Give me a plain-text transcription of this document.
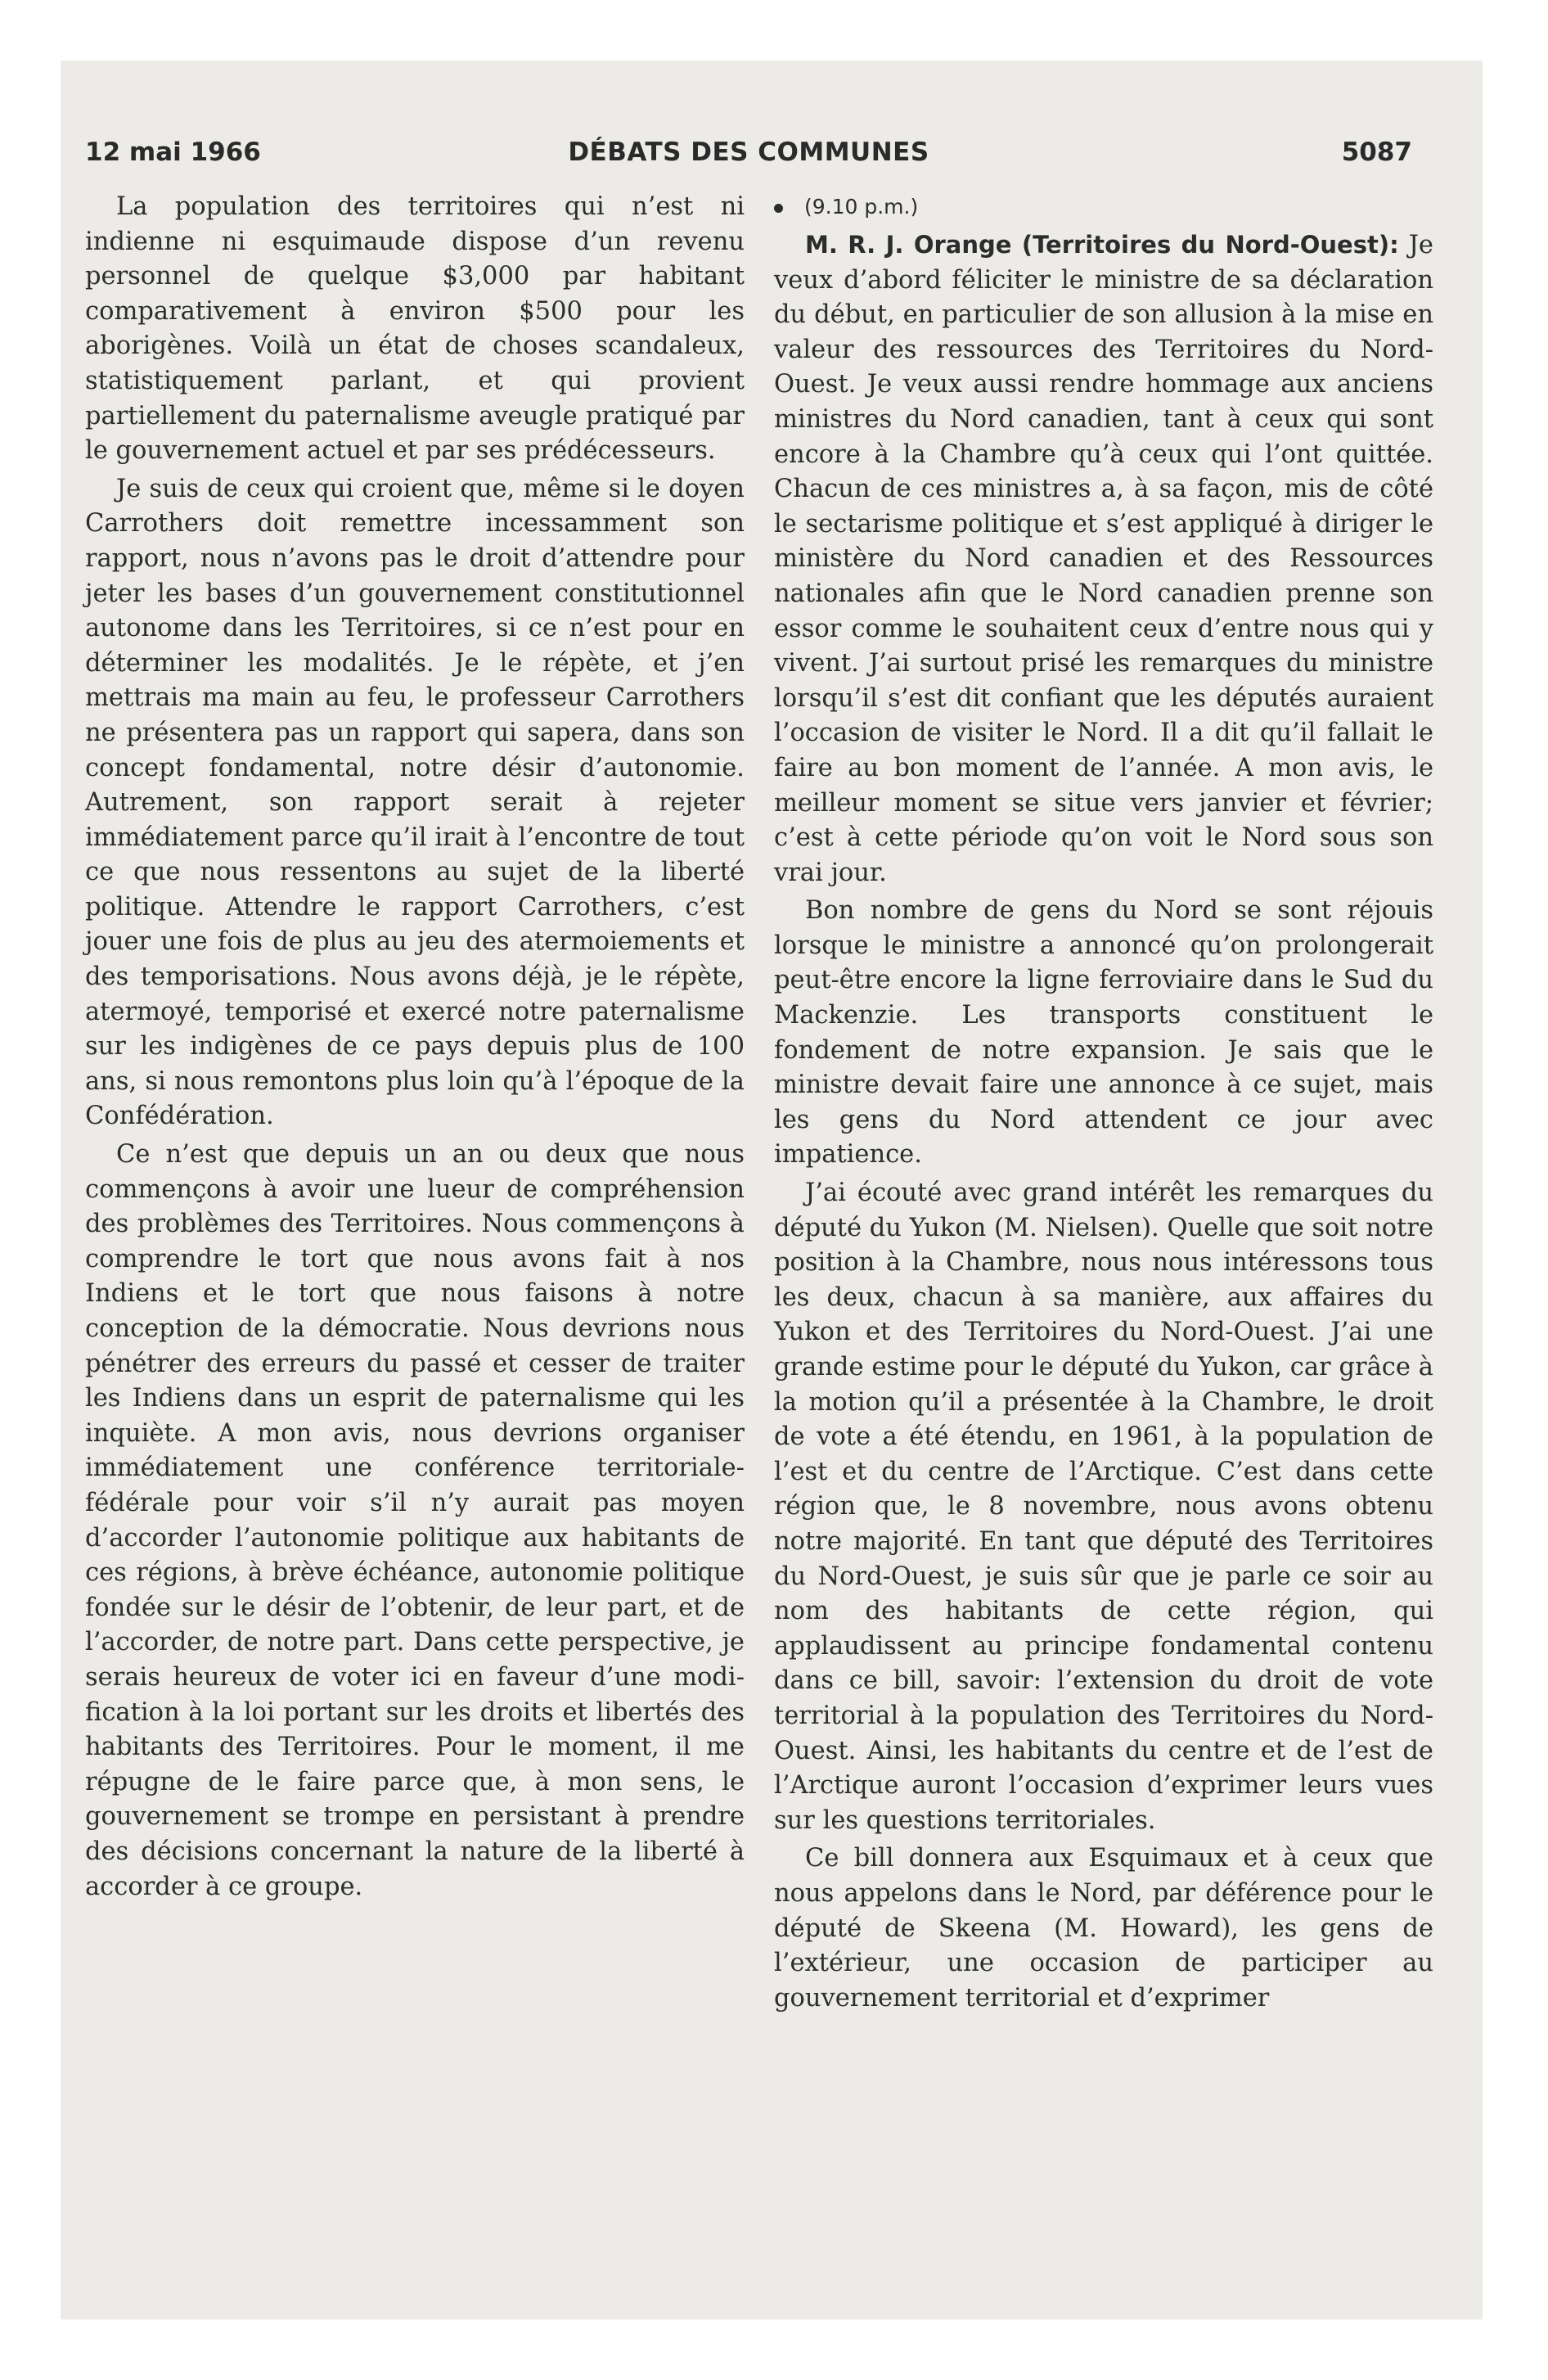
12 mai 1966	DÉBATS DES COMMUNES	5087

La population des territoires qui n’est ni indienne ni esquimaude dispose d’un revenu personnel de quelque $3,000 par habitant comparativement à environ $500 pour les aborigènes. Voilà un état de choses scandaleux, statistiquement parlant, et qui provient partiellement du paternalisme aveugle pratiqué par le gouvernement actuel et par ses prédécesseurs.

Je suis de ceux qui croient que, même si le doyen Carrothers doit remettre incessamment son rapport, nous n’avons pas le droit d’attendre pour jeter les bases d’un gouvernement constitutionnel autonome dans les Territoires, si ce n’est pour en déterminer les modalités. Je le répète, et j’en mettrais ma main au feu, le professeur Carrothers ne présentera pas un rapport qui sapera, dans son concept fondamental, notre désir d’autonomie. Autrement, son rapport serait à rejeter immédiatement parce qu’il irait à l’encontre de tout ce que nous ressentons au sujet de la liberté politique. Attendre le rapport Carrothers, c’est jouer une fois de plus au jeu des atermoiements et des temporisations. Nous avons déjà, je le répète, atermoyé, temporisé et exercé notre paternalisme sur les indigènes de ce pays depuis plus de 100 ans, si nous remontons plus loin qu’à l’époque de la Confédération.

Ce n’est que depuis un an ou deux que nous commençons à avoir une lueur de compréhension des problèmes des Territoires. Nous commençons à comprendre le tort que nous avons fait à nos Indiens et le tort que nous faisons à notre conception de la démocratie. Nous devrions nous pénétrer des erreurs du passé et cesser de traiter les Indiens dans un esprit de paternalisme qui les inquiète. A mon avis, nous devrions organiser immédiatement une conférence territoriale-fédérale pour voir s’il n’y aurait pas moyen d’accorder l’autonomie politique aux habitants de ces régions, à brève échéance, autonomie politique fondée sur le désir de l’obtenir, de leur part, et de l’accorder, de notre part. Dans cette perspective, je serais heureux de voter ici en faveur d’une modification à la loi portant sur les droits et libertés des habitants des Territoires. Pour le moment, il me répugne de le faire parce que, à mon sens, le gouvernement se trompe en persistant à prendre des décisions concernant la nature de la liberté à accorder à ce groupe.

(9.10 p.m.)

M. R. J. Orange (Territoires du Nord-Ouest): Je veux d’abord féliciter le ministre de sa déclaration du début, en particulier de son allusion à la mise en valeur des ressources des Territoires du Nord-Ouest. Je veux aussi rendre hommage aux anciens ministres du Nord canadien, tant à ceux qui sont encore à la Chambre qu’à ceux qui l’ont quittée. Chacun de ces ministres a, à sa façon, mis de côté le sectarisme politique et s’est appliqué à diriger le ministère du Nord canadien et des Ressources nationales afin que le Nord canadien prenne son essor comme le souhaitent ceux d’entre nous qui y vivent. J’ai surtout prisé les remarques du ministre lorsqu’il s’est dit confiant que les députés auraient l’occasion de visiter le Nord. Il a dit qu’il fallait le faire au bon moment de l’année. A mon avis, le meilleur moment se situe vers janvier et février; c’est à cette période qu’on voit le Nord sous son vrai jour.

Bon nombre de gens du Nord se sont réjouis lorsque le ministre a annoncé qu’on prolongerait peut-être encore la ligne ferroviaire dans le Sud du Mackenzie. Les transports constituent le fondement de notre expansion. Je sais que le ministre devait faire une annonce à ce sujet, mais les gens du Nord attendent ce jour avec impatience.

J’ai écouté avec grand intérêt les remarques du député du Yukon (M. Nielsen). Quelle que soit notre position à la Chambre, nous nous intéressons tous les deux, chacun à sa manière, aux affaires du Yukon et des Territoires du Nord-Ouest. J’ai une grande estime pour le député du Yukon, car grâce à la motion qu’il a présentée à la Chambre, le droit de vote a été étendu, en 1961, à la population de l’est et du centre de l’Arctique. C’est dans cette région que, le 8 novembre, nous avons obtenu notre majorité. En tant que député des Territoires du Nord-Ouest, je suis sûr que je parle ce soir au nom des habitants de cette région, qui applaudissent au principe fondamental contenu dans ce bill, savoir: l’extension du droit de vote territorial à la population des Territoires du Nord-Ouest. Ainsi, les habitants du centre et de l’est de l’Arctique auront l’occasion d’exprimer leurs vues sur les questions territoriales.

Ce bill donnera aux Esquimaux et à ceux que nous appelons dans le Nord, par déférence pour le député de Skeena (M. Howard), les gens de l’extérieur, une occasion de participer au gouvernement territorial et d’exprimer
